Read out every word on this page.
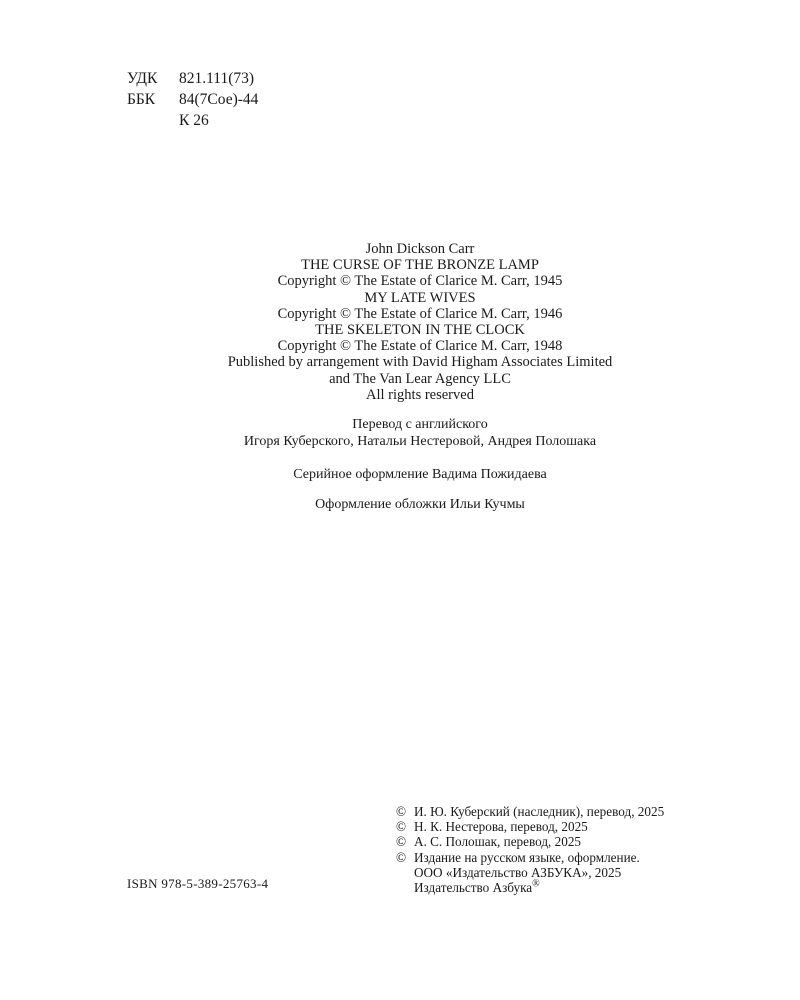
УДК 821.111(73)
ББК 84(7Сое)-44
К 26
John Dickson Carr
THE CURSE OF THE BRONZE LAMP
Copyright © The Estate of Clarice M. Carr, 1945
MY LATE WIVES
Copyright © The Estate of Clarice M. Carr, 1946
THE SKELETON IN THE CLOCK
Copyright © The Estate of Clarice M. Carr, 1948
Published by arrangement with David Higham Associates Limited
and The Van Lear Agency LLC
All rights reserved
Перевод с английского
Игоря Куберского, Натальи Нестеровой, Андрея Полошака
Серийное оформление Вадима Пожидаева
Оформление обложки Ильи Кучмы
ISBN 978-5-389-25763-4
© И. Ю. Куберский (наследник), перевод, 2025
© Н. К. Нестерова, перевод, 2025
© А. С. Полошак, перевод, 2025
© Издание на русском языке, оформление.
ООО «Издательство АЗБУКА», 2025
Издательство Азбука®
